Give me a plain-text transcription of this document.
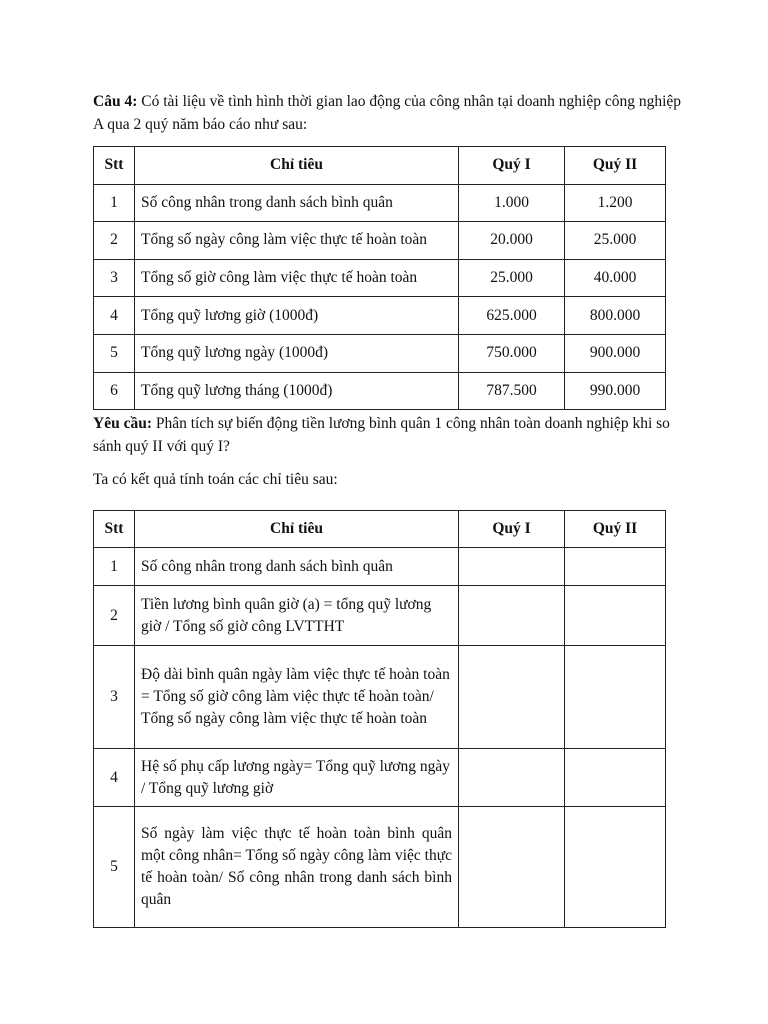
Câu 4: Có tài liệu về tình hình thời gian lao động của công nhân tại doanh nghiệp công nghiệp A qua 2 quý năm báo cáo như sau:

Stt	Chỉ tiêu	Quý I	Quý II
1	Số công nhân trong danh sách bình quân	1.000	1.200
2	Tổng số ngày công làm việc thực tế hoàn toàn	20.000	25.000
3	Tổng số giờ công làm việc thực tế hoàn toàn	25.000	40.000
4	Tổng quỹ lương giờ (1000đ)	625.000	800.000
5	Tổng quỹ lương ngày (1000đ)	750.000	900.000
6	Tổng quỹ lương tháng (1000đ)	787.500	990.000

Yêu cầu: Phân tích sự biến động tiền lương bình quân 1 công nhân toàn doanh nghiệp khi so sánh quý II với quý I?

Ta có kết quả tính toán các chỉ tiêu sau:

Stt	Chỉ tiêu	Quý I	Quý II
1	Số công nhân trong danh sách bình quân		
2	Tiền lương bình quân giờ (a) = tổng quỹ lương giờ / Tổng số giờ công LVTTHT		
3	Độ dài bình quân ngày làm việc thực tế hoàn toàn = Tổng số giờ công làm việc thực tế hoàn toàn/ Tổng số ngày công làm việc thực tế hoàn toàn		
4	Hệ số phụ cấp lương ngày= Tổng quỹ lương ngày / Tổng quỹ lương giờ		
5	Số ngày làm việc thực tế hoàn toàn bình quân một công nhân= Tổng số ngày công làm việc thực tế hoàn toàn/ Số công nhân trong danh sách bình quân		
